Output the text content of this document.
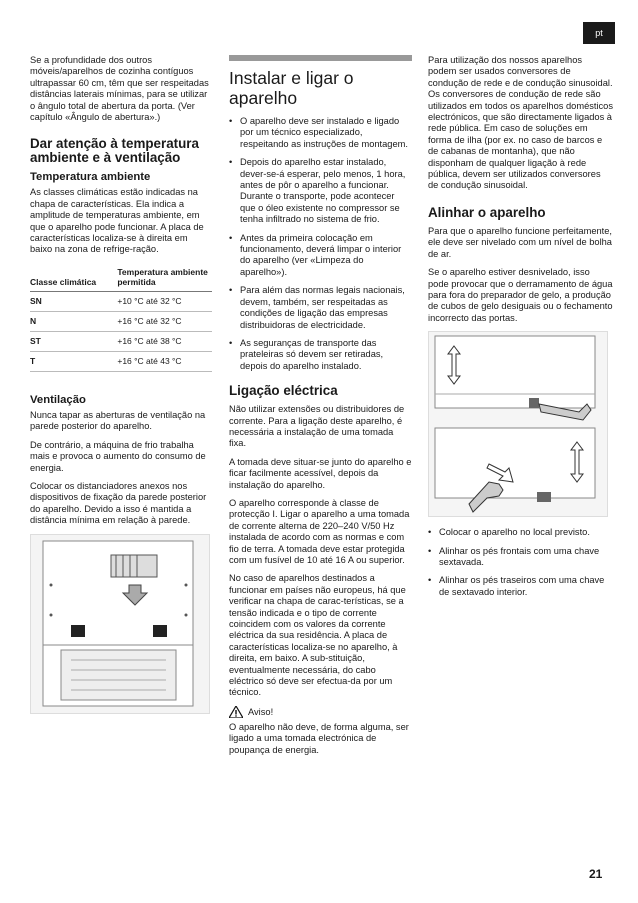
pt

Se a profundidade dos outros móveis/aparelhos de cozinha contíguos ultrapassar 60 cm, têm que ser respeitadas distâncias laterais mínimas, para se utilizar o ângulo total de abertura da porta. (Ver capítulo «Ângulo de abertura».)

Dar atenção à temperatura ambiente e à ventilação
Temperatura ambiente

As classes climáticas estão indicadas na chapa de características. Ela indica a amplitude de temperaturas ambiente, em que o aparelho pode funcionar. A placa de características localiza-se à direita em baixo na zona de refrige-ração.

Classe climática	Temperatura ambiente permitida
SN	+10 °C até 32 °C
N	+16 °C até 32 °C
ST	+16 °C até 38 °C
T	+16 °C até 43 °C
Ventilação

Nunca tapar as aberturas de ventilação na parede posterior do aparelho.

De contrário, a máquina de frio trabalha mais e provoca o aumento do consumo de energia.

Colocar os distanciadores anexos nos dispositivos de fixação da parede posterior do aparelho. Devido a isso é mantida a distância mínima em relação à parede.

Instalar e ligar o aparelho
• O aparelho deve ser instalado e ligado por um técnico especializado, respeitando as instruções de montagem.
• Depois do aparelho estar instalado, dever-se-á esperar, pelo menos, 1 hora, antes de pôr o aparelho a funcionar. Durante o transporte, pode acontecer que o óleo existente no compressor se tenha infiltrado no sistema de frio.
• Antes da primeira colocação em funcionamento, deverá limpar o interior do aparelho (ver «Limpeza do aparelho»).
• Para além das normas legais nacionais, devem, também, ser respeitadas as condições de ligação das empresas distribuidoras de electricidade.
• As seguranças de transporte das prateleiras só devem ser retiradas, depois do aparelho instalado.
Ligação eléctrica

Não utilizar extensões ou distribuidores de corrente. Para a ligação deste aparelho, é necessária a instalação de uma tomada fixa.

A tomada deve situar-se junto do aparelho e ficar facilmente acessível, depois da instalação do aparelho.

O aparelho corresponde à classe de protecção I. Ligar o aparelho a uma tomada de corrente alterna de 220–240 V/50 Hz instalada de acordo com as normas e com fio de terra. A tomada deve estar protegida com um fusível de 10 até 16 A ou superior.

No caso de aparelhos destinados a funcionar em países não europeus, há que verificar na chapa de carac-terísticas, se a tensão indicada e o tipo de corrente coincidem com os valores da corrente eléctrica da sua residência. A placa de características localiza-se no aparelho, à direita, em baixo. A sub-stituição, eventualmente necessária, do cabo eléctrico só deve ser efectua-da por um técnico.

Aviso!

O aparelho não deve, de forma alguma, ser ligado a uma tomada electrónica de poupança de energia.

Para utilização dos nossos aparelhos podem ser usados conversores de condução de rede e de condução sinusoidal. Os conversores de condução de rede são utilizados em todos os aparelhos domésticos electrónicos, que são directamente ligados à rede pública. Em caso de soluções em forma de ilha (por ex. no caso de barcos e de cabanas de montanha), que não disponham de qualquer ligação à rede pública, devem ser utilizados conversores de condução sinusoidal.

Alinhar o aparelho

Para que o aparelho funcione perfeitamente, ele deve ser nivelado com um nível de bolha de ar.

Se o aparelho estiver desnivelado, isso pode provocar que o derramamento de água para fora do preparador de gelo, a produção de cubos de gelo desiguais ou o fechamento incorrecto das portas.

• Colocar o aparelho no local previsto.
• Alinhar os pés frontais com uma chave sextavada.
• Alinhar os pés traseiros com uma chave de sextavado interior.
21
